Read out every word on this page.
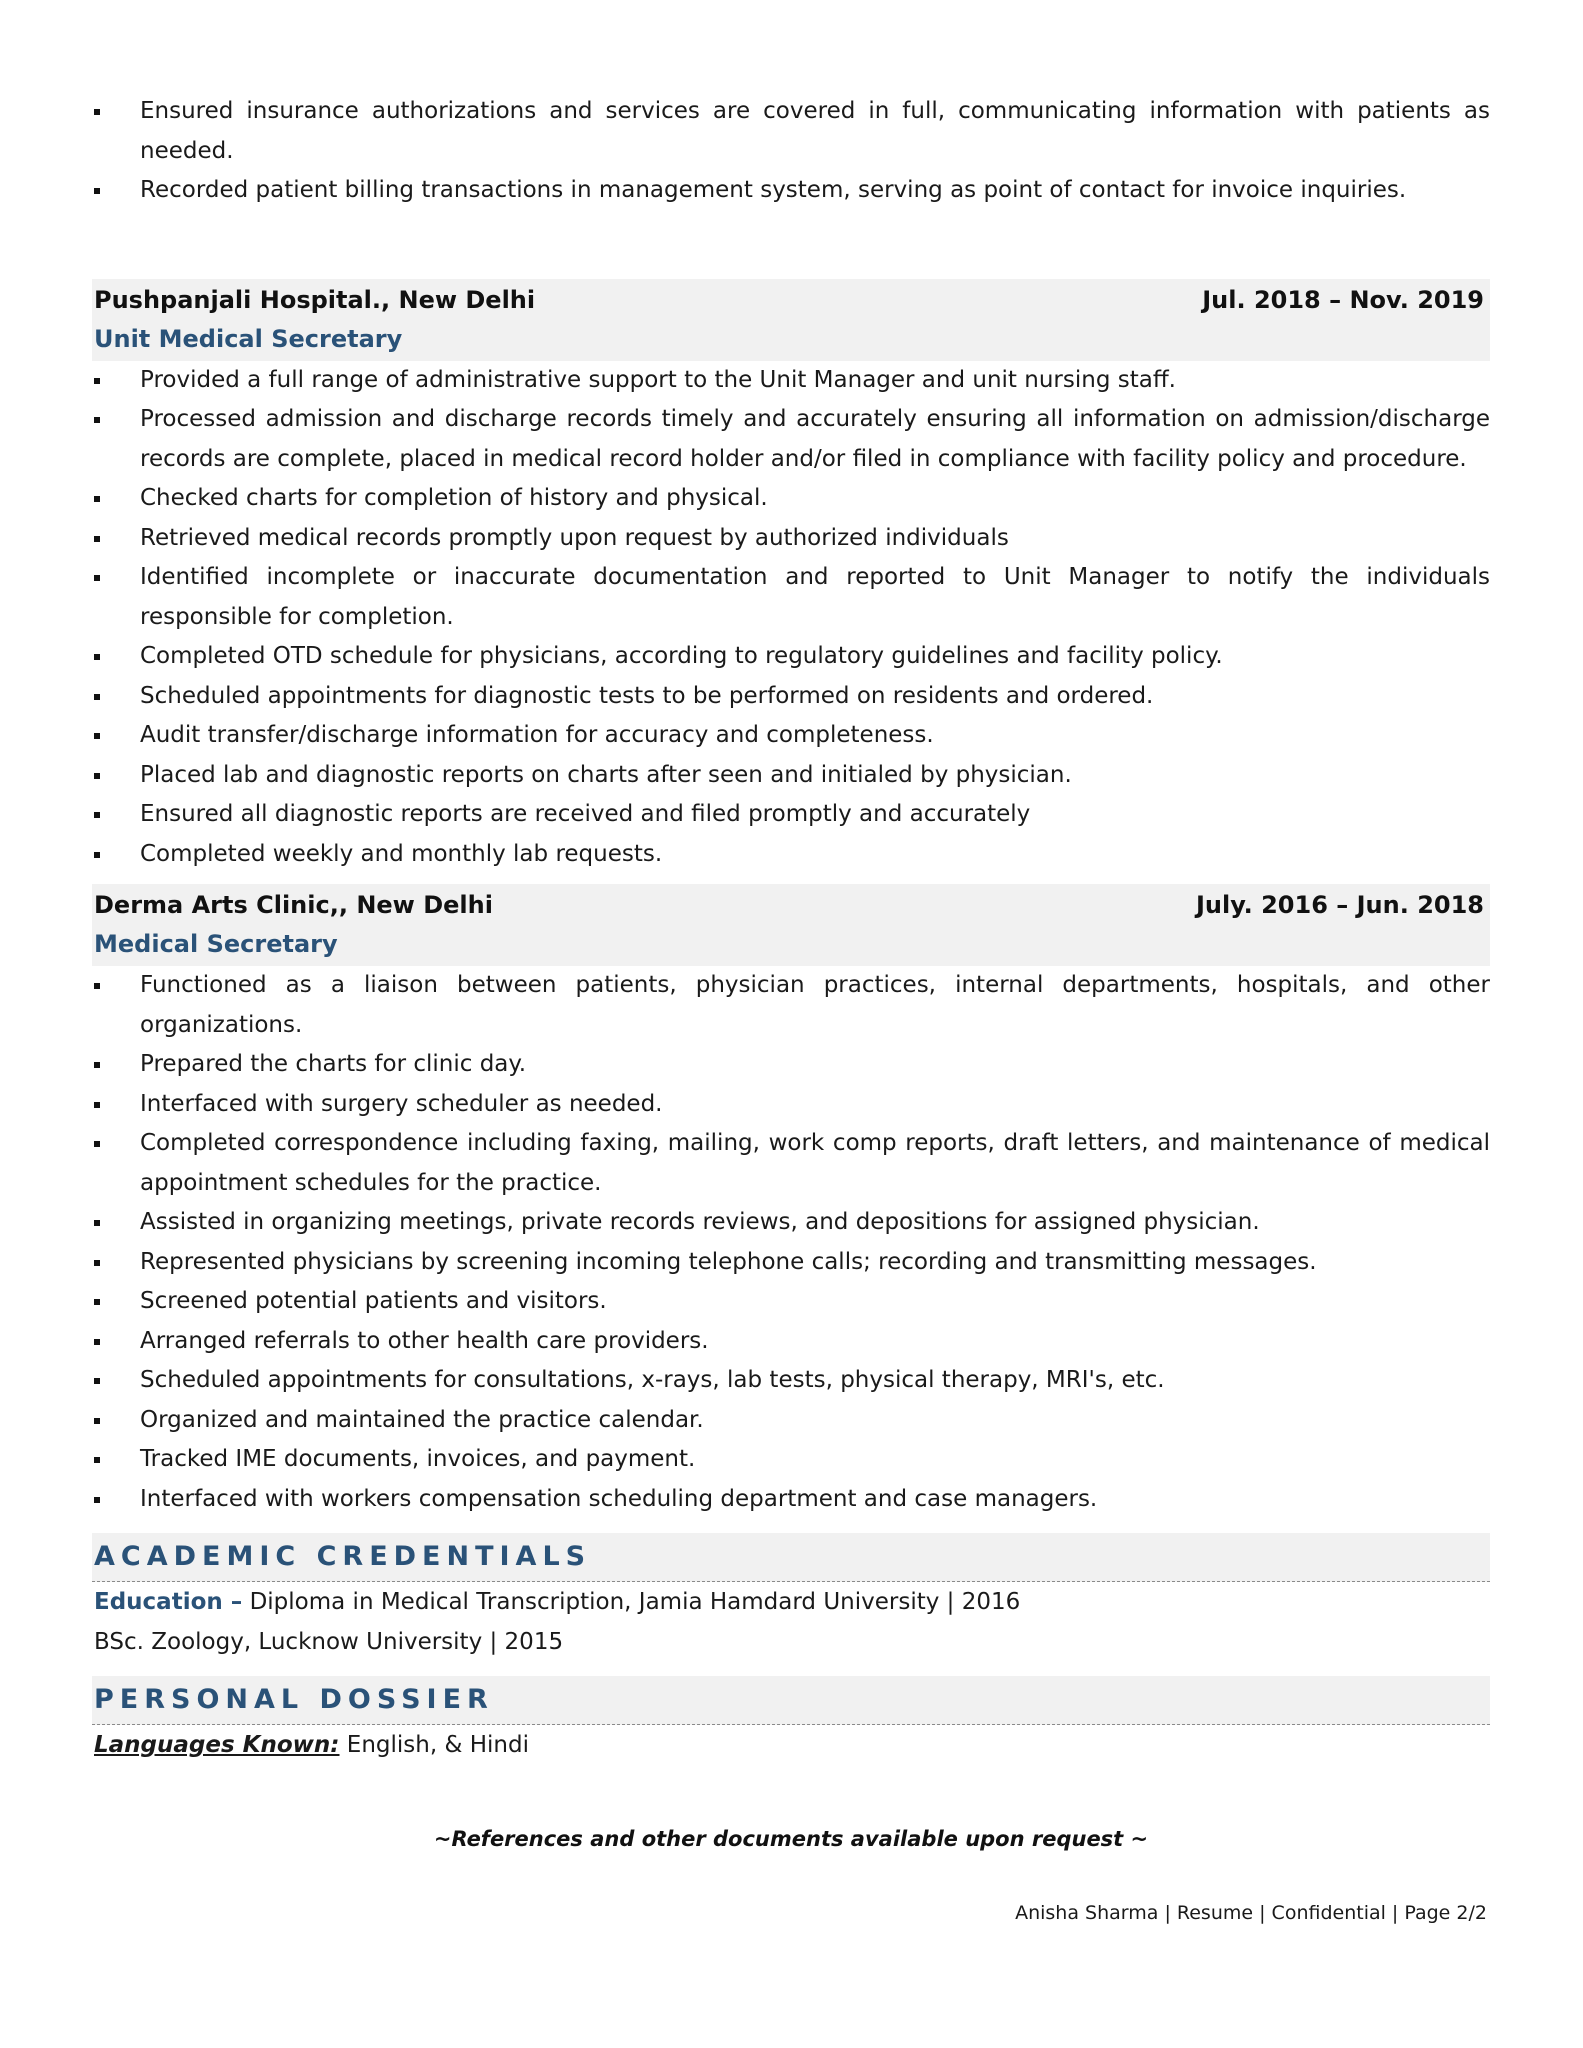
Ensured insurance authorizations and services are covered in full, communicating information with patients as needed.
Recorded patient billing transactions in management system, serving as point of contact for invoice inquiries.
Pushpanjali Hospital., New Delhi	Jul. 2018 – Nov. 2019
Unit Medical Secretary
Provided a full range of administrative support to the Unit Manager and unit nursing staff.
Processed admission and discharge records timely and accurately ensuring all information on admission/discharge records are complete, placed in medical record holder and/or filed in compliance with facility policy and procedure.
Checked charts for completion of history and physical.
Retrieved medical records promptly upon request by authorized individuals
Identified incomplete or inaccurate documentation and reported to Unit Manager to notify the individuals responsible for completion.
Completed OTD schedule for physicians, according to regulatory guidelines and facility policy.
Scheduled appointments for diagnostic tests to be performed on residents and ordered.
Audit transfer/discharge information for accuracy and completeness.
Placed lab and diagnostic reports on charts after seen and initialed by physician.
Ensured all diagnostic reports are received and filed promptly and accurately
Completed weekly and monthly lab requests.
Derma Arts Clinic,, New Delhi	July. 2016 – Jun. 2018
Medical Secretary
Functioned as a liaison between patients, physician practices, internal departments, hospitals, and other organizations.
Prepared the charts for clinic day.
Interfaced with surgery scheduler as needed.
Completed correspondence including faxing, mailing, work comp reports, draft letters, and maintenance of medical appointment schedules for the practice.
Assisted in organizing meetings, private records reviews, and depositions for assigned physician.
Represented physicians by screening incoming telephone calls; recording and transmitting messages.
Screened potential patients and visitors.
Arranged referrals to other health care providers.
Scheduled appointments for consultations, x-rays, lab tests, physical therapy, MRI's, etc.
Organized and maintained the practice calendar.
Tracked IME documents, invoices, and payment.
Interfaced with workers compensation scheduling department and case managers.
ACADEMIC CREDENTIALS
Education – Diploma in Medical Transcription, Jamia Hamdard University | 2016
BSc. Zoology, Lucknow University | 2015
PERSONAL DOSSIER
Languages Known: English, & Hindi
~References and other documents available upon request ~
Anisha Sharma | Resume | Confidential | Page 2/2
